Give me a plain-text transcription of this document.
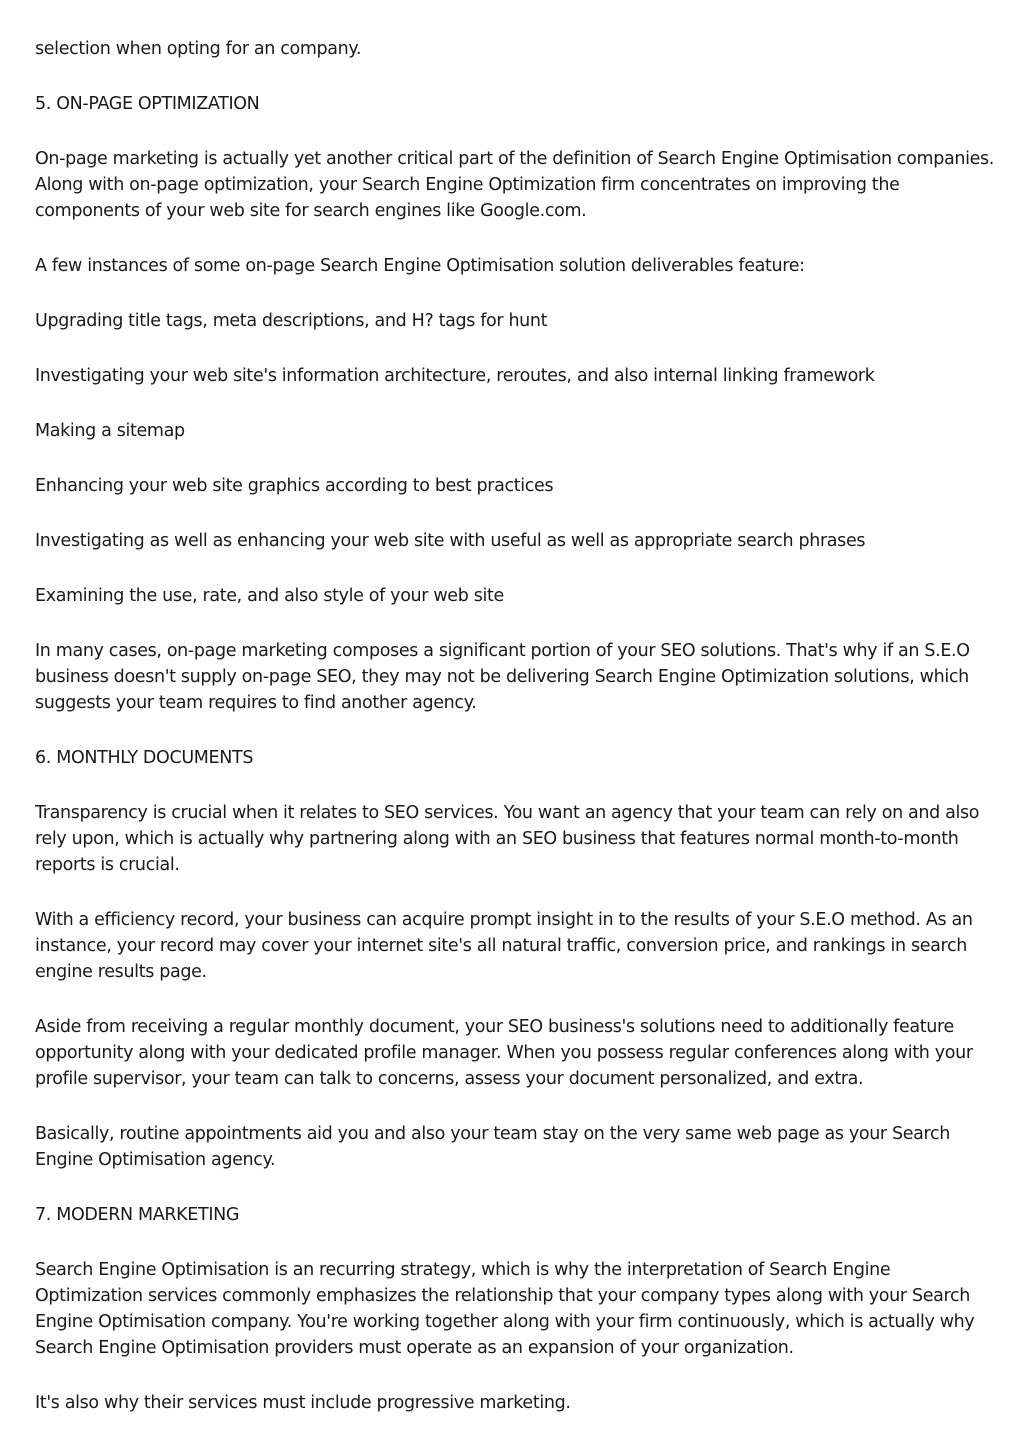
selection when opting for an company.

5. ON-PAGE OPTIMIZATION

On-page marketing is actually yet another critical part of the definition of Search Engine Optimisation companies. Along with on-page optimization, your Search Engine Optimization firm concentrates on improving the components of your web site for search engines like Google.com.

A few instances of some on-page Search Engine Optimisation solution deliverables feature:

Upgrading title tags, meta descriptions, and H? tags for hunt

Investigating your web site's information architecture, reroutes, and also internal linking framework

Making a sitemap

Enhancing your web site graphics according to best practices

Investigating as well as enhancing your web site with useful as well as appropriate search phrases

Examining the use, rate, and also style of your web site

In many cases, on-page marketing composes a significant portion of your SEO solutions. That's why if an S.E.O business doesn't supply on-page SEO, they may not be delivering Search Engine Optimization solutions, which suggests your team requires to find another agency.

6. MONTHLY DOCUMENTS

Transparency is crucial when it relates to SEO services. You want an agency that your team can rely on and also rely upon, which is actually why partnering along with an SEO business that features normal month-to-month reports is crucial.

With a efficiency record, your business can acquire prompt insight in to the results of your S.E.O method. As an instance, your record may cover your internet site's all natural traffic, conversion price, and rankings in search engine results page.

Aside from receiving a regular monthly document, your SEO business's solutions need to additionally feature opportunity along with your dedicated profile manager. When you possess regular conferences along with your profile supervisor, your team can talk to concerns, assess your document personalized, and extra.

Basically, routine appointments aid you and also your team stay on the very same web page as your Search Engine Optimisation agency.

7. MODERN MARKETING

Search Engine Optimisation is an recurring strategy, which is why the interpretation of Search Engine Optimization services commonly emphasizes the relationship that your company types along with your Search Engine Optimisation company. You're working together along with your firm continuously, which is actually why Search Engine Optimisation providers must operate as an expansion of your organization.

It's also why their services must include progressive marketing.
